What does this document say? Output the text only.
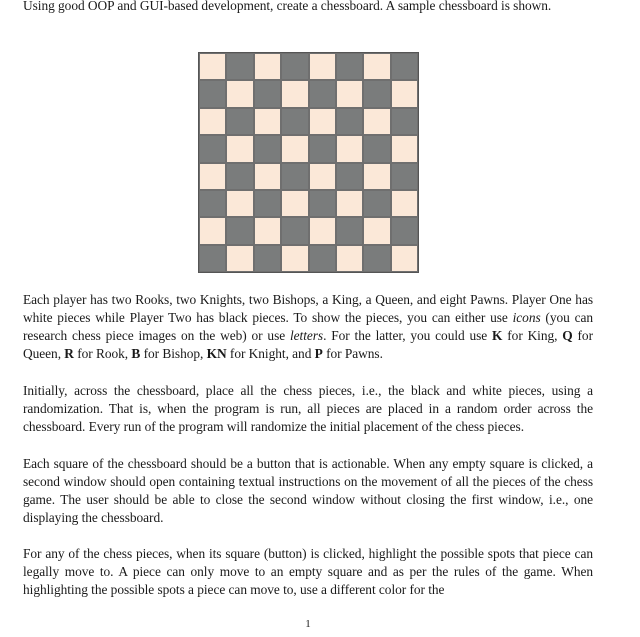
Using good OOP and GUI-based development, create a chessboard. A sample chessboard is shown.

Each player has two Rooks, two Knights, two Bishops, a King, a Queen, and eight Pawns. Player One has white pieces while Player Two has black pieces. To show the pieces, you can either use icons (you can research chess piece images on the web) or use letters. For the latter, you could use K for King, Q for Queen, R for Rook, B for Bishop, KN for Knight, and P for Pawns.

Initially, across the chessboard, place all the chess pieces, i.e., the black and white pieces, using a randomization. That is, when the program is run, all pieces are placed in a random order across the chessboard. Every run of the program will randomize the initial placement of the chess pieces.

Each square of the chessboard should be a button that is actionable. When any empty square is clicked, a second window should open containing textual instructions on the movement of all the pieces of the chess game. The user should be able to close the second window without closing the first window, i.e., one displaying the chessboard.

For any of the chess pieces, when its square (button) is clicked, highlight the possible spots that piece can legally move to. A piece can only move to an empty square and as per the rules of the game. When highlighting the possible spots a piece can move to, use a different color for the

1
